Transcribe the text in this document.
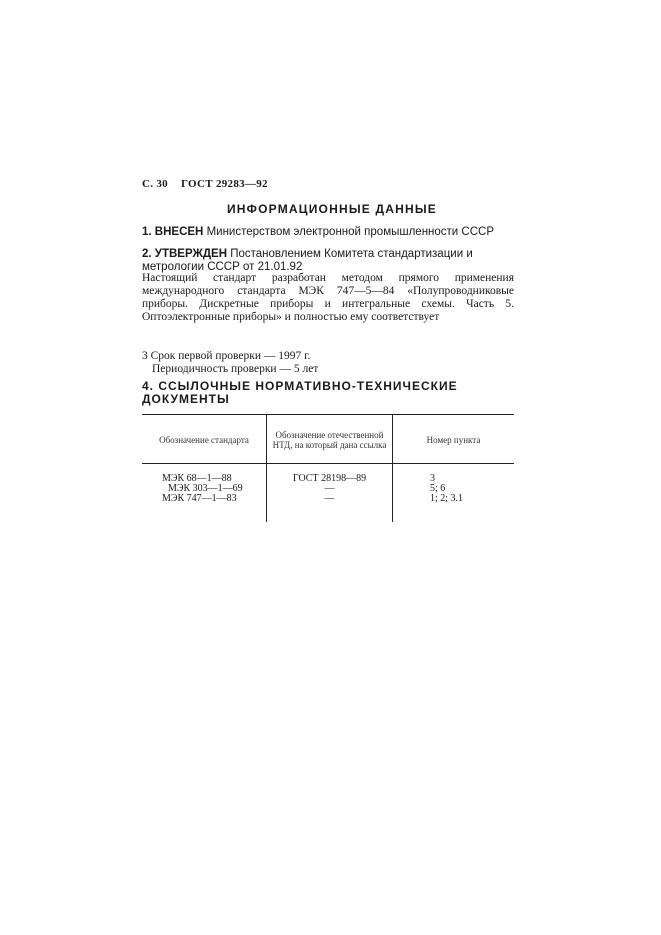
С. 30 ГОСТ 29283—92
ИНФОРМАЦИОННЫЕ ДАННЫЕ
1. ВНЕСЕН Министерством электронной промышленности СССР
2. УТВЕРЖДЕН Постановлением Комитета стандартизации и метрологии СССР от 21.01.92
Настоящий стандарт разработан методом прямого применения международного стандарта МЭК 747—5—84 «Полупроводниковые приборы. Дискретные приборы и интегральные схемы. Часть 5. Оптоэлектронные приборы» и полностью ему соответствует
3 Срок первой проверки — 1997 г.
Периодичность проверки — 5 лет
4. ССЫЛОЧНЫЕ НОРМАТИВНО-ТЕХНИЧЕСКИЕ ДОКУМЕНТЫ
Обозначение стандарта	Обозначение отечественной НТД, на который дана ссылка	Номер пункта
МЭК 68—1—88
МЭК 303—1—69
МЭК 747—1—83
ГОСТ 28198—89
—
—
3
5; 6
1; 2; 3.1
